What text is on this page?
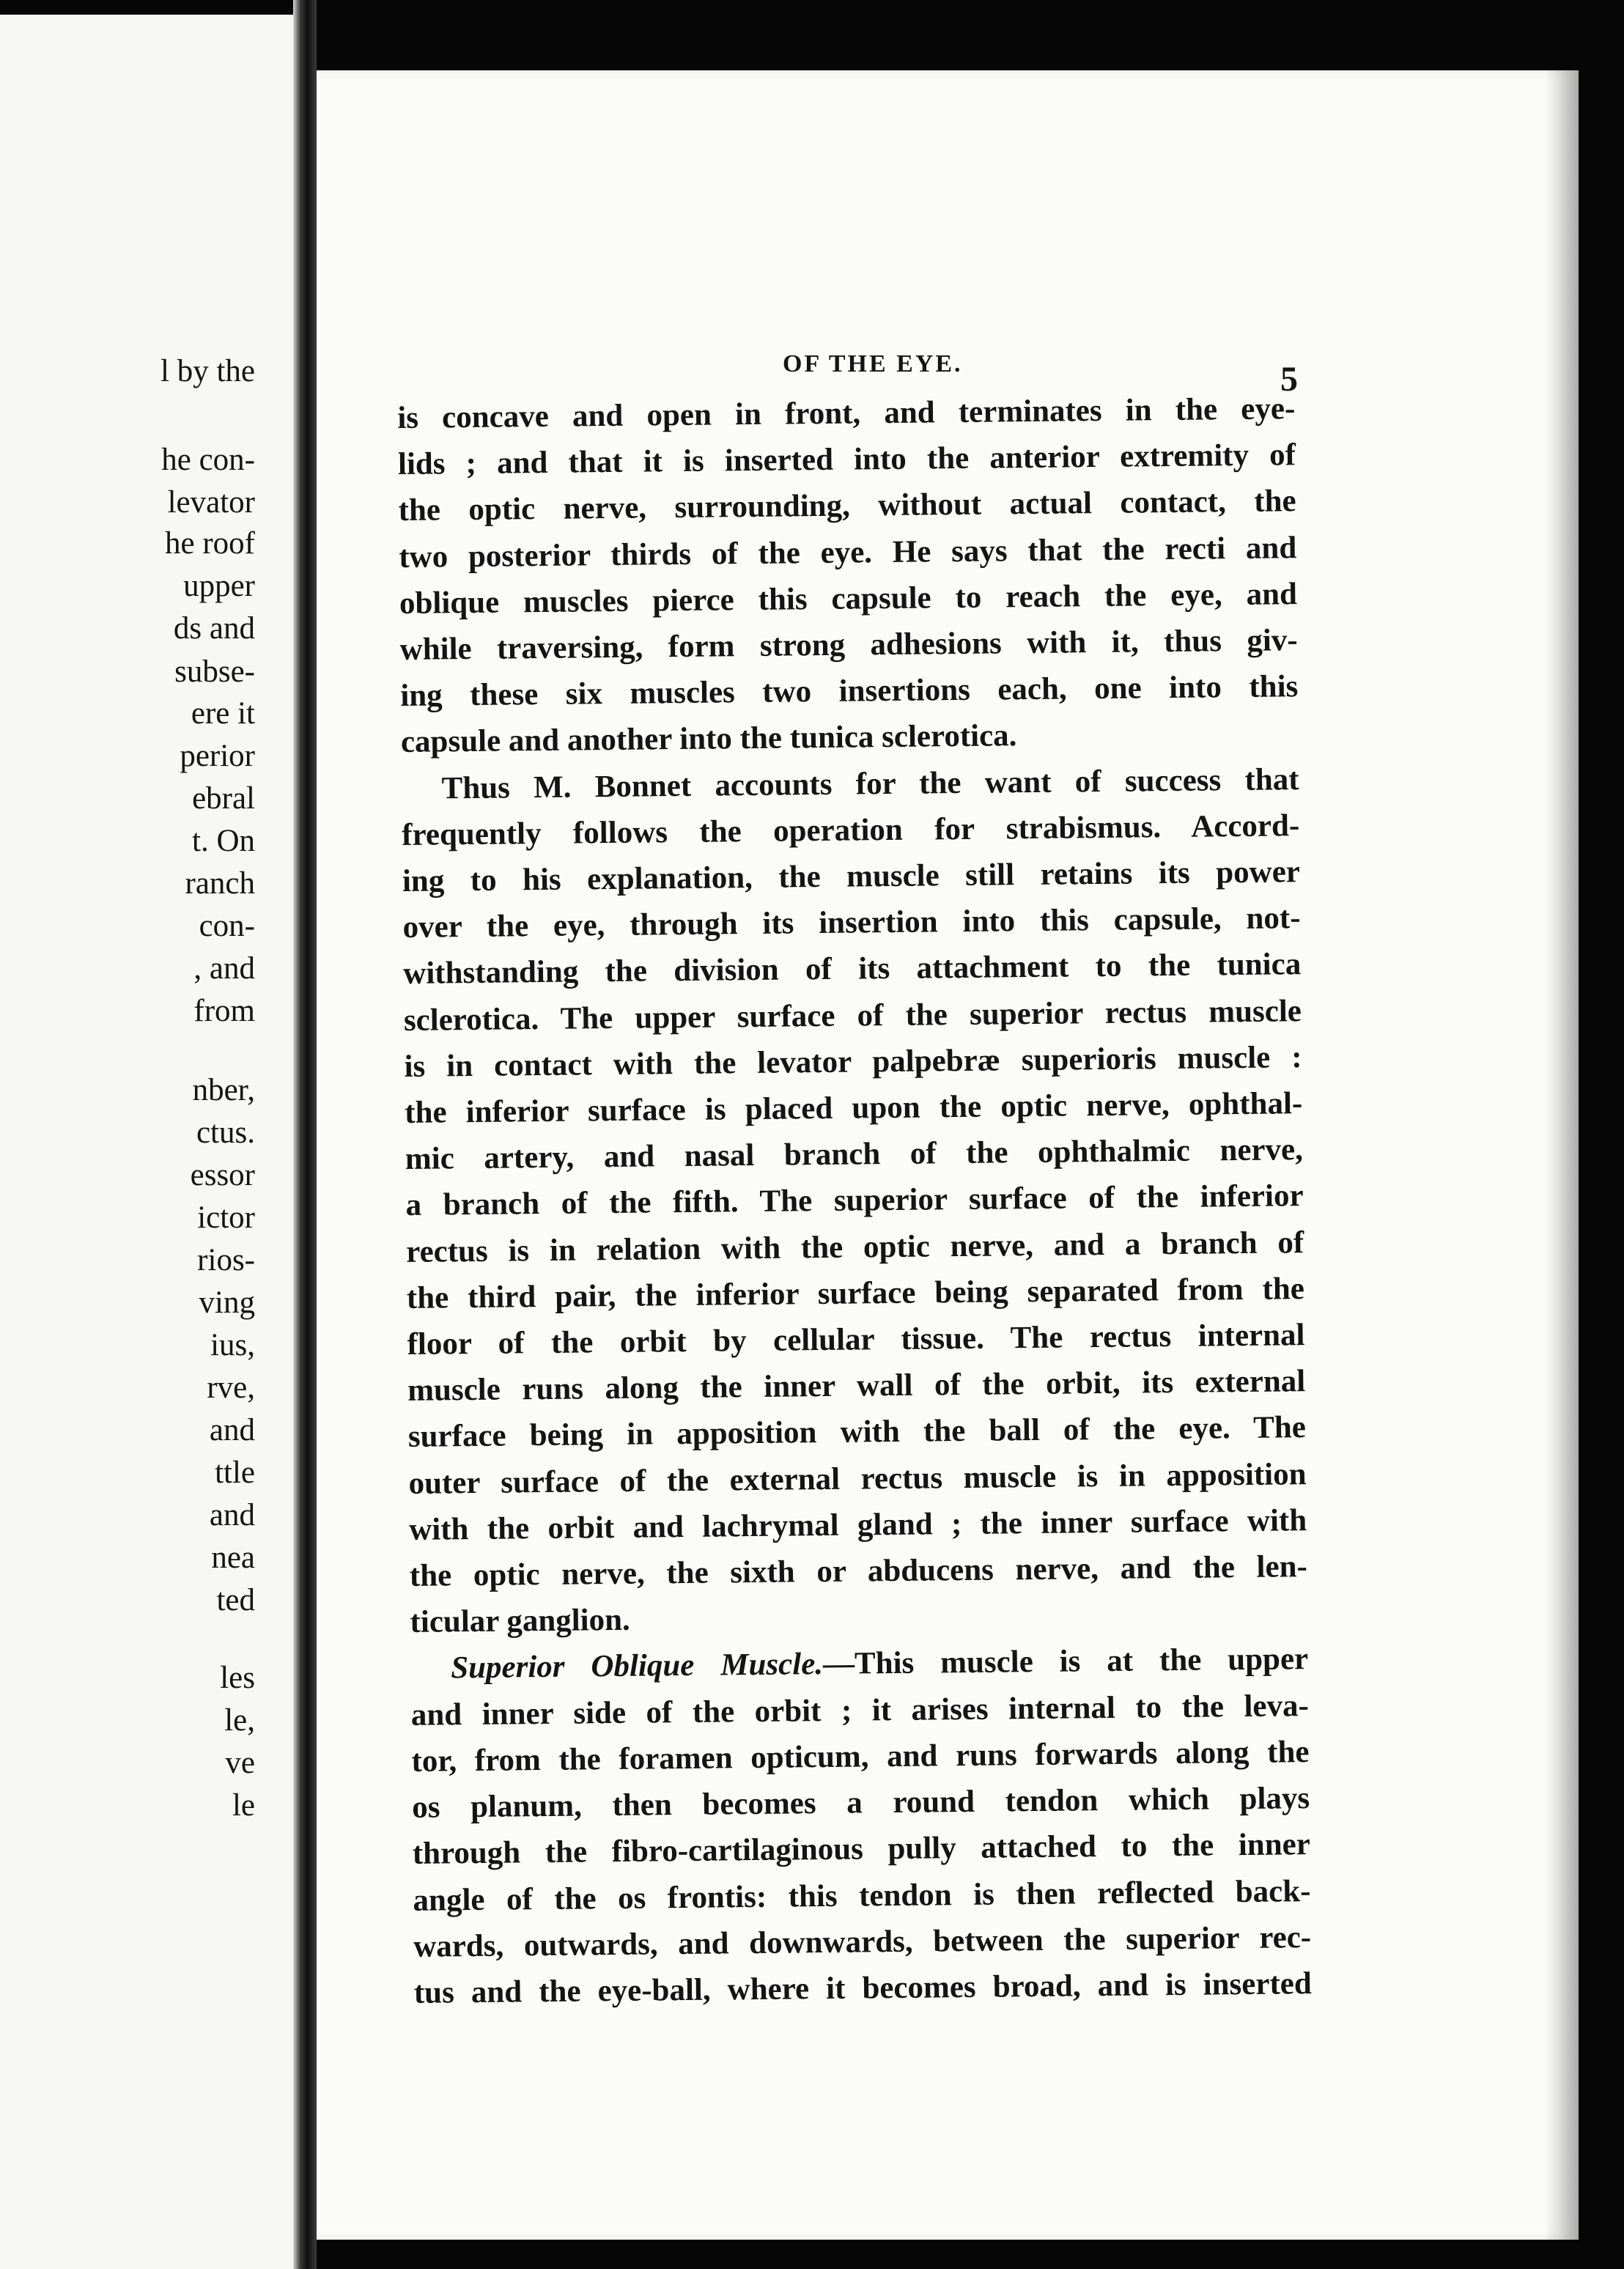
l by the
he con-
levator
he roof
upper
ds and
subse-
ere it
perior
ebral
t. On
ranch
con-
, and
from
nber,
ctus.
essor
ictor
rios-
ving
ius,
rve,
and
ttle
and
nea
ted
les
le,
ve
le
OF THE EYE.	5
is concave and open in front, and terminates in the eye-
lids ; and that it is inserted into the anterior extremity of
the optic nerve, surrounding, without actual contact, the
two posterior thirds of the eye. He says that the recti and
oblique muscles pierce this capsule to reach the eye, and
while traversing, form strong adhesions with it, thus giv-
ing these six muscles two insertions each, one into this
capsule and another into the tunica sclerotica.
Thus M. Bonnet accounts for the want of success that
frequently follows the operation for strabismus. Accord-
ing to his explanation, the muscle still retains its power
over the eye, through its insertion into this capsule, not-
withstanding the division of its attachment to the tunica
sclerotica. The upper surface of the superior rectus muscle
is in contact with the levator palpebræ superioris muscle :
the inferior surface is placed upon the optic nerve, ophthal-
mic artery, and nasal branch of the ophthalmic nerve,
a branch of the fifth. The superior surface of the inferior
rectus is in relation with the optic nerve, and a branch of
the third pair, the inferior surface being separated from the
floor of the orbit by cellular tissue. The rectus internal
muscle runs along the inner wall of the orbit, its external
surface being in apposition with the ball of the eye. The
outer surface of the external rectus muscle is in apposition
with the orbit and lachrymal gland ; the inner surface with
the optic nerve, the sixth or abducens nerve, and the len-
ticular ganglion.
Superior Oblique Muscle.—This muscle is at the upper
and inner side of the orbit ; it arises internal to the leva-
tor, from the foramen opticum, and runs forwards along the
os planum, then becomes a round tendon which plays
through the fibro-cartilaginous pully attached to the inner
angle of the os frontis: this tendon is then reflected back-
wards, outwards, and downwards, between the superior rec-
tus and the eye-ball, where it becomes broad, and is inserted
